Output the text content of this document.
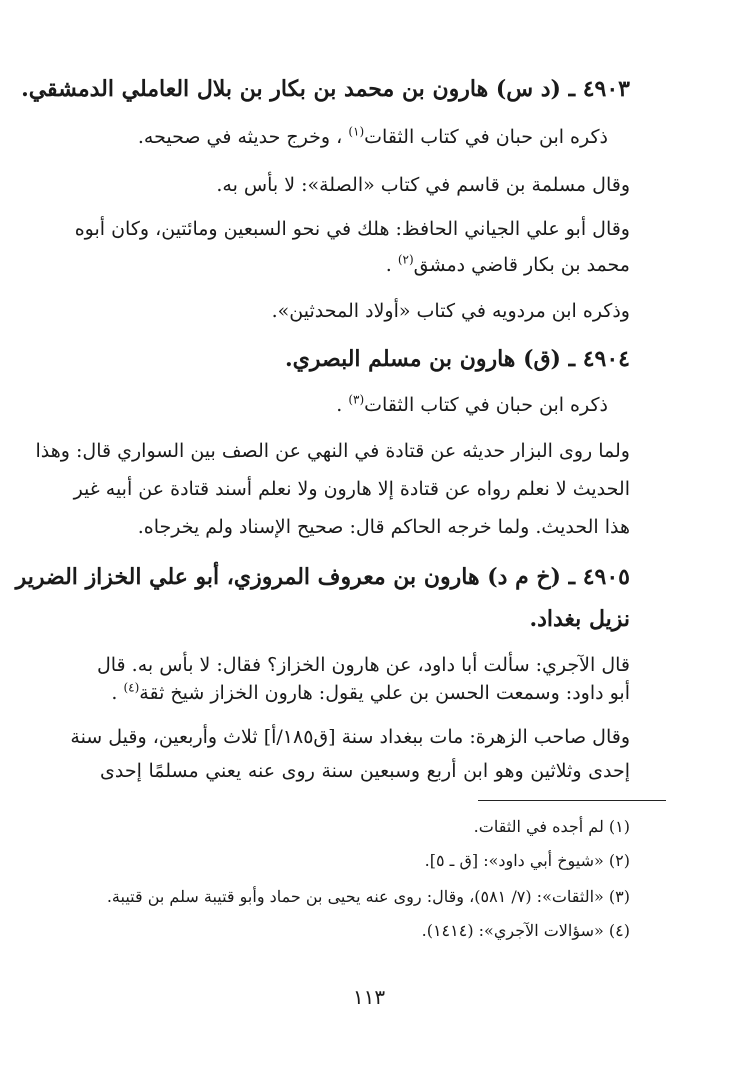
٤٩٠٣ ـ (د س) هارون بن محمد بن بكار بن بلال العاملي الدمشقي.
ذكره ابن حبان في كتاب الثقات$^{(١)}$ ، وخرج حديثه في صحيحه.
وقال مسلمة بن قاسم في كتاب «الصلة»: لا بأس به.
وقال أبو علي الجياني الحافظ: هلك في نحو السبعين ومائتين، وكان أبوه
محمد بن بكار قاضي دمشق$^{(٢)}$ .
وذكره ابن مردويه في كتاب «أولاد المحدثين».
٤٩٠٤ ـ (ق) هارون بن مسلم البصري.
ذكره ابن حبان في كتاب الثقات$^{(٣)}$ .
ولما روى البزار حديثه عن قتادة في النهي عن الصف بين السواري قال: وهذا
الحديث لا نعلم رواه عن قتادة إلا هارون ولا نعلم أسند قتادة عن أبيه غير
هذا الحديث. ولما خرجه الحاكم قال: صحيح الإسناد ولم يخرجاه.
٤٩٠٥ ـ (خ م د) هارون بن معروف المروزي، أبو علي الخزاز الضرير
نزيل بغداد.
قال الآجري: سألت أبا داود، عن هارون الخزاز؟ فقال: لا بأس به. قال
أبو داود: وسمعت الحسن بن علي يقول: هارون الخزاز شيخ ثقة$^{(٤)}$ .
وقال صاحب الزهرة: مات ببغداد سنة [ق١٨٥/أ] ثلاث وأربعين، وقيل سنة
إحدى وثلاثين وهو ابن أربع وسبعين سنة روى عنه يعني مسلمًا إحدى
(١) لم أجده في الثقات.
(٢) «شيوخ أبي داود»: [ق ـ ٥].
(٣) «الثقات»: (٧/ ٥٨١)، وقال: روى عنه يحيى بن حماد وأبو قتيبة سلم بن قتيبة.
(٤) «سؤالات الآجري»: (١٤١٤).
١١٣
